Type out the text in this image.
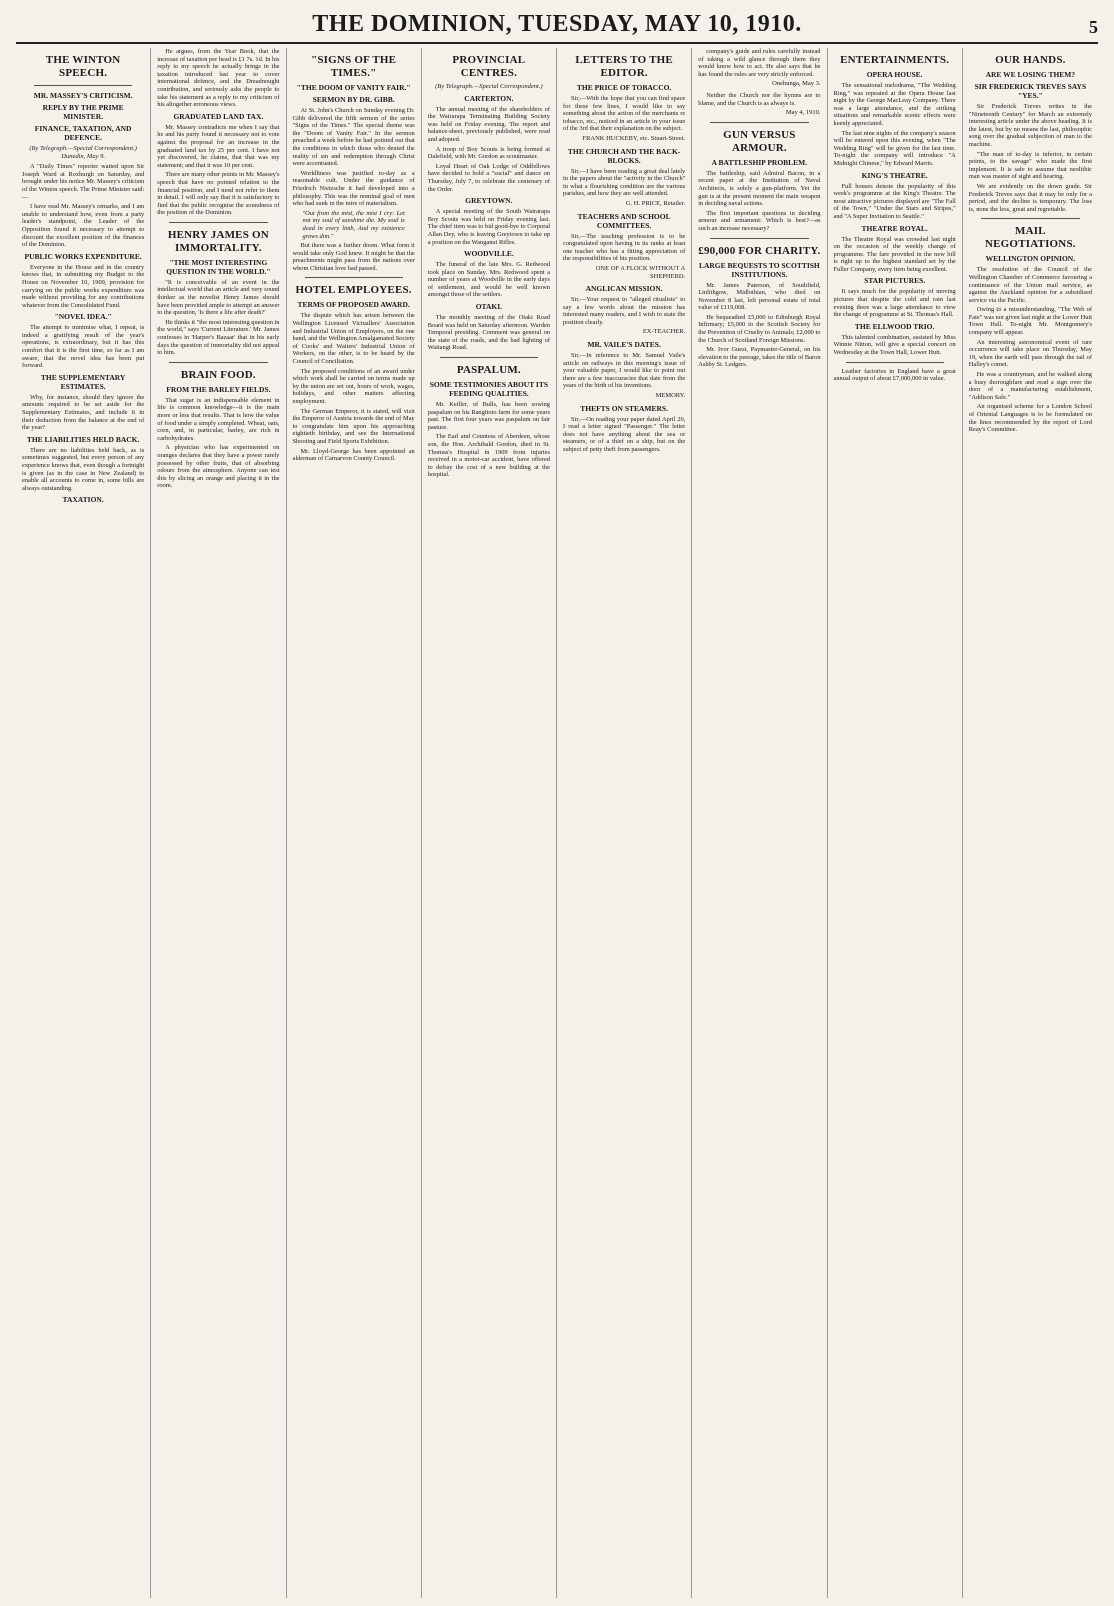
THE DOMINION, TUESDAY, MAY 10, 1910.	5
THE WINTON SPEECH.
MR. MASSEY'S CRITICISM.
REPLY BY THE PRIME MINISTER.
FINANCE, TAXATION, AND DEFENCE.
(By Telegraph.—Special Correspondent.) Dunedin, May 9.

A "Daily Times" reporter waited upon Sir Joseph Ward at Roxburgh on Saturday, and brought under his notice Mr. Massey's criticism of the Winton speech. The Prime Minister said:—

I have read Mr. Massey's remarks, and I am unable to understand how, even from a party leader's standpoint, the Leader of the Opposition found it necessary to attempt to discount the excellent position of the finances of the Dominion.

PUBLIC WORKS EXPENDITURE.

Everyone in the House and in the country knows that, in submitting my Budget to the House on November 10, 1909, provision for carrying on the public works expenditure was made without providing for any contributions whatever from the Consolidated Fund.

"NOVEL IDEA."

The attempt to minimise what, I repeat, is indeed a gratifying result of the year's operations, is extraordinary, but it has this comfort that it is the first time, so far as I am aware, that the novel idea has been put forward.

THE SUPPLEMENTARY ESTIMATES.

Why, for instance, should they ignore the amounts required to be set aside for the Supplementary Estimates, and include it in their deduction from the balance at the end of the year?

THE LIABILITIES HELD BACK.

There are no liabilities held back, as is sometimes suggested, but every person of any experience knows that, even though a fortnight is given (as in the case in New Zealand) to enable all accounts to come in, some bills are always outstanding.

TAXATION.

He argues, from the Year Book, that the increase of taxation per head is £1 7s. 1d. In his reply to my speech he actually brings in the taxation introduced last year to cover international defence, and the Dreadnought contribution, and seriously asks the people to take his statement as a reply to my criticism of his altogether erroneous views.

GRADUATED LAND TAX.

Mr. Massey contradicts me when I say that he and his party found it necessary not to vote against the proposal for an increase in the graduated land tax by 25 per cent. I have not yet discovered, he claims, that that was my statement; and that it was 10 per cent.

There are many other points in Mr. Massey's speech that have no pointed relation to the financial position, and I need not refer to them in detail. I will only say that it is satisfactory to find that the public recognise the soundness of the position of the Dominion.

HENRY JAMES ON IMMORTALITY.
"THE MOST INTERESTING QUESTION IN THE WORLD."

"It is conceivable of an event in the intellectual world that an article and very sound thinker as the novelist Henry James should have been provided ample to attempt an answer to the question, 'Is there a life after death?'

He thinks it "the most interesting question in the world," says 'Current Literature.' Mr. James confesses in 'Harper's Bazaar' that in his early days the question of immortality did not appeal to him.

BRAIN FOOD.
FROM THE BARLEY FIELDS.

That sugar is an indispensable element in life is common knowledge—it is the main more or less that results. That is how the value of food under a simply completed. Wheat, oats, corn, and, in particular, barley, are rich in carbohydrates.

A physician who has experimented on oranges declares that they have a power rarely possessed by other fruits, that of absorbing odours from the atmosphere. Anyone can test this by slicing an orange and placing it in the room.

"SIGNS OF THE TIMES."
"THE DOOM OF VANITY FAIR."
SERMON BY DR. GIBB.

At St. John's Church on Sunday evening Dr. Gibb delivered the fifth sermon of the series "Signs of the Times." The special theme was the "Doom of Vanity Fair." In the sermon preached a week before he had pointed out that the conditions in which those who denied the reality of sin and redemption through Christ were accentuated.

Worldliness was justified to-day as a reasonable cult. Under the guidance of Friedrich Nietzsche it had developed into a philosophy. This was the nominal goal of men who had sunk in the mire of materialism.

"Out from the mist, the mist I cry: Let not my soul of sunshine die. My soul is dead in every limb, And my existence grows dim."

But there was a further doom. What form it would take only God knew. It might be that the preachments might pass from the nations over whom Christian love had passed.

HOTEL EMPLOYEES.
TERMS OF PROPOSED AWARD.

The dispute which has arisen between the Wellington Licensed Victuallers' Association and Industrial Union of Employers, on the one hand, and the Wellington Amalgamated Society of Cooks' and Waiters' Industrial Union of Workers, on the other, is to be heard by the Council of Conciliation.

The proposed conditions of an award under which work shall be carried on terms made up by the union are set out, hours of work, wages, holidays, and other matters affecting employment.

The German Emperor, it is stated, will visit the Emperor of Austria towards the end of May to congratulate him upon his approaching eightieth birthday, and see the International Shooting and Field Sports Exhibition.

Mr. Lloyd-George has been appointed an alderman of Carnarvon County Council.

PROVINCIAL CENTRES.
(By Telegraph.—Special Correspondent.)
CARTERTON.

The annual meeting of the shareholders of the Wairarapa Terminating Building Society was held on Friday evening. The report and balance-sheet, previously published, were read and adopted.

A troop of Boy Scouts is being formed at Dalefield, with Mr. Gordon as scoutmaster.

Loyal Heart of Oak Lodge of Oddfellows have decided to hold a "social" and dance on Thursday, July 7, to celebrate the centenary of the Order.

GREYTOWN.

A special meeting of the South Wairarapa Boy Scouts was held on Friday evening last. The chief item was to bid good-bye to Corporal Allan Dey, who is leaving Greytown to take up a position on the Wanganui Rifles.

WOODVILLE.

The funeral of the late Mrs. G. Redwood took place on Sunday. Mrs. Redwood spent a number of years at Woodville in the early days of settlement, and would be well known amongst those of the settlers.

OTAKI.

The monthly meeting of the Otaki Road Board was held on Saturday afternoon. Warden Temporal presiding. Comment was general on the state of the roads, and the bad lighting of Waitangi Road.

PASPALUM.
SOME TESTIMONIES ABOUT ITS FEEDING QUALITIES.

Mr. Keiller, of Bulls, has been sowing paspalum on his Rangitoto farm for some years past. The first four years was paspalum on fair pasture.

The Earl and Countess of Aberdeen, whose son, the Hon. Archibald Gordon, died in St. Thomas's Hospital in 1909 from injuries received in a motor-car accident, have offered to defray the cost of a new building at the hospital.

LETTERS TO THE EDITOR.
THE PRICE OF TOBACCO.

Sir,—With the hope that you can find space for these few lines, I would like to say something about the action of the merchants re tobacco, etc., noticed in an article in your issue of the 3rd that their explanation on the subject.

FRANK HUCKEBY, etc. Stuart-Street.
THE CHURCH AND THE BACK-BLOCKS.

Sir,—I have been reading a great deal lately in the papers about the "activity in the Church" in what a flourishing condition are the various parishes, and how they are well attended.

G. H. PRICE, Retailer.
TEACHERS AND SCHOOL COMMITTEES.

Sir,—The teaching profession is to be congratulated upon having in its ranks at least one teacher who has a fitting appreciation of the responsibilities of his position.

ONE OF A FLOCK WITHOUT A SHEPHERD.
ANGLICAN MISSION.

Sir,—Your request to "alleged ritualists" to say a few words about the mission has interested many readers, and I wish to state the position clearly.

EX-TEACHER.
MR. VAILE'S DATES.

Sir,—In reference to Mr. Samuel Vaile's article on railways in this morning's issue of your valuable paper, I would like to point out there are a few inaccuracies that date from the years of the birth of his inventions.

MEMORY.
THEFTS ON STEAMERS.

Sir,—On reading your paper dated April 20, I read a letter signed "Passenger." The letter does not have anything about the sea or steamers, or of a thief on a ship, but on the subject of petty theft from passengers.

company's guide and rules carefully instead of taking a wild glance through them they would know how to act. He also says that he has found the rules are very strictly enforced.

Onehunga, May 3.

Neither the Church nor the hymns are to blame, and the Church is as always is.

May 4, 1910.
GUN VERSUS ARMOUR.
A BATTLESHIP PROBLEM.

The battleship, said Admiral Bacon, in a recent paper at the Institution of Naval Architects, is solely a gun-platform. Yet the gun is at the present moment the main weapon in deciding naval actions.

The first important questions in deciding armour and armament: Which is best?—as such an increase necessary?

£90,000 FOR CHARITY.
LARGE BEQUESTS TO SCOTTISH INSTITUTIONS.

Mr. James Paterson, of Southfield, Linlithgow, Midlothian, who died on November 8 last, left personal estate of total value of £119,068.

He bequeathed £5,000 to Edinburgh Royal Infirmary; £5,000 to the Scottish Society for the Prevention of Cruelty to Animals; £2,000 to the Church of Scotland Foreign Missions.

Mr. Ivor Guest, Paymaster-General, on his elevation to the peerage, takes the title of Baron Ashby St. Ledgers.

ENTERTAINMENTS.
OPERA HOUSE.

The sensational melodrama, "The Wedding Ring," was repeated at the Opera House last night by the George MacLeay Company. There was a large attendance, and the striking situations and remarkable scenic effects were keenly appreciated.

The last nine nights of the company's season will be entered upon this evening, when "The Wedding Ring" will be given for the last time. To-night the company will introduce "A Midnight Chinese," by Edward Marris.

KING'S THEATRE.

Full houses denote the popularity of this week's programme at the King's Theatre. The most attractive pictures displayed are "The Fall of the Town," "Under the Stars and Stripes," and "A Super Invitation to Seattle."

THEATRE ROYAL.

The Theatre Royal was crowded last night on the occasion of the weekly change of programme. The fare provided in the new bill is right up to the highest standard set by the Fuller Company, every item being excellent.

STAR PICTURES.

It says much for the popularity of moving pictures that despite the cold and rain last evening there was a large attendance to view the change of programme at St. Thomas's Hall.

THE ELLWOOD TRIO.

This talented combination, assisted by Miss Winnie Nitton, will give a special concert on Wednesday at the Town Hall, Lower Hutt.

Leather factories in England have a great annual output of about £7,000,000 in value.

OUR HANDS.
ARE WE LOSING THEM?
SIR FREDERICK TREVES SAYS "YES."

Sir Frederick Treves writes in the "Nineteenth Century" for March an extremely interesting article under the above heading. It is the latest, but by no means the last, philosophic song over the gradual subjection of man to the machine.

"The man of to-day is inferior, in certain points, to the savage" who made the first implement. It is safe to assume that neolithic man was master of sight and hearing.

We are evidently on the down grade. Sir Frederick Treves says that it may be only for a period, and the decline is temporary. The loss is, none the less, great and regrettable.

MAIL NEGOTIATIONS.
WELLINGTON OPINION.

The resolution of the Council of the Wellington Chamber of Commerce favouring a continuance of the Union mail service, as against the Auckland opinion for a subsidised service via the Pacific.

Owing to a misunderstanding, "The Web of Fate" was not given last night at the Lower Hutt Town Hall. To-night Mr. Montgomery's company will appear.

An interesting astronomical event of rare occurrence will take place on Thursday, May 19, when the earth will pass through the tail of Halley's comet.

He was a countryman, and he walked along a busy thoroughfare and read a sign over the door of a manufacturing establishment, "Addison Safe."

An organised scheme for a London School of Oriental Languages is to be formulated on the lines recommended by the report of Lord Reay's Committee.
